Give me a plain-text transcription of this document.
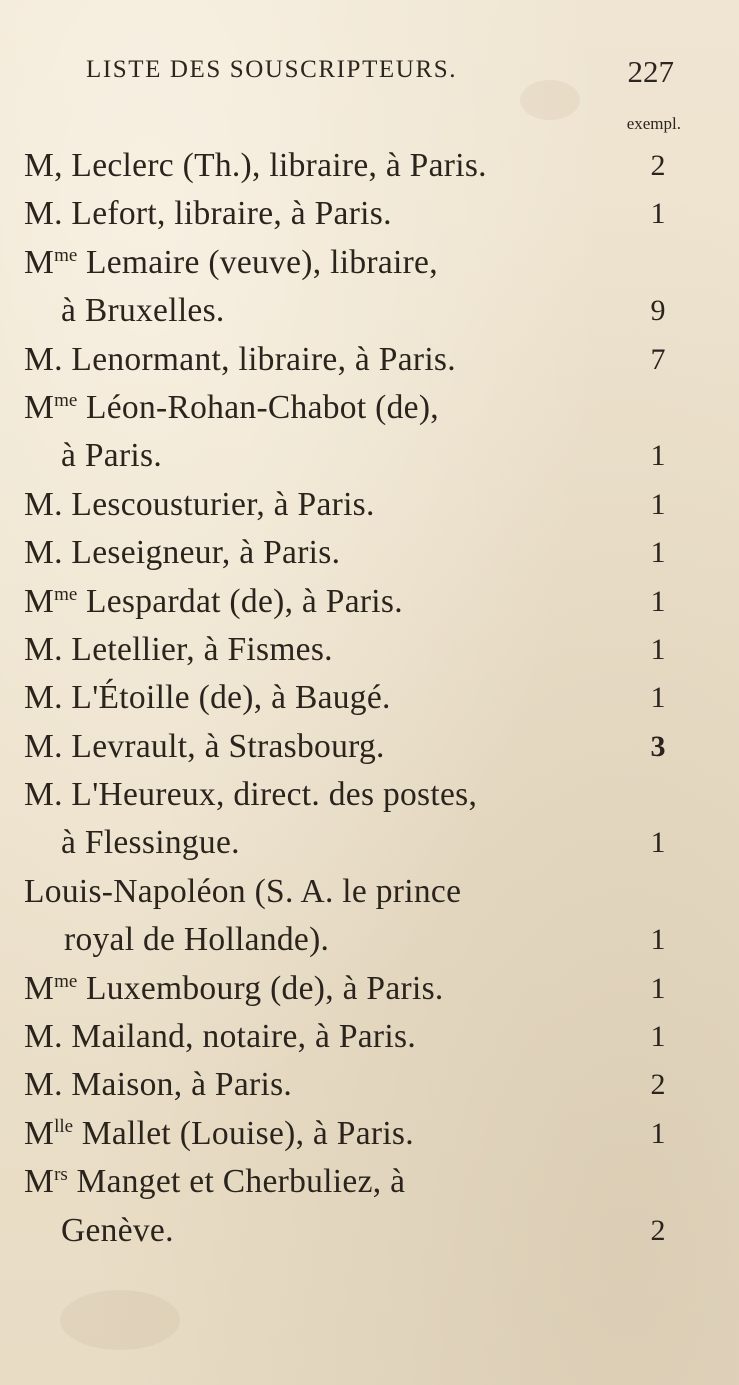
LISTE DES SOUSCRIPTEURS.	227
exempl.
M, Leclerc (Th.), libraire, à Paris.	2
M. Lefort, libraire, à Paris.	1
$M^{me}$ Lemaire (veuve), libraire,
à Bruxelles.	9
M. Lenormant, libraire, à Paris.	7
$M^{me}$ Léon-Rohan-Chabot (de),
à Paris.	1
M. Lescousturier, à Paris.	1
M. Leseigneur, à Paris.	1
$M^{me}$ Lespardat (de), à Paris.	1
M. Letellier, à Fismes.	1
M. L'Étoille (de), à Baugé.	1
M. Levrault, à Strasbourg.	3
M. L'Heureux, direct. des postes,
à Flessingue.	1
Louis-Napoléon (S. A. le prince
royal de Hollande).	1
$M^{me}$ Luxembourg (de), à Paris.	1
M. Mailand, notaire, à Paris.	1
M. Maison, à Paris.	2
$M^{lle}$ Mallet (Louise), à Paris.	1
$M^{rs}$ Manget et Cherbuliez, à
Genève.	2
